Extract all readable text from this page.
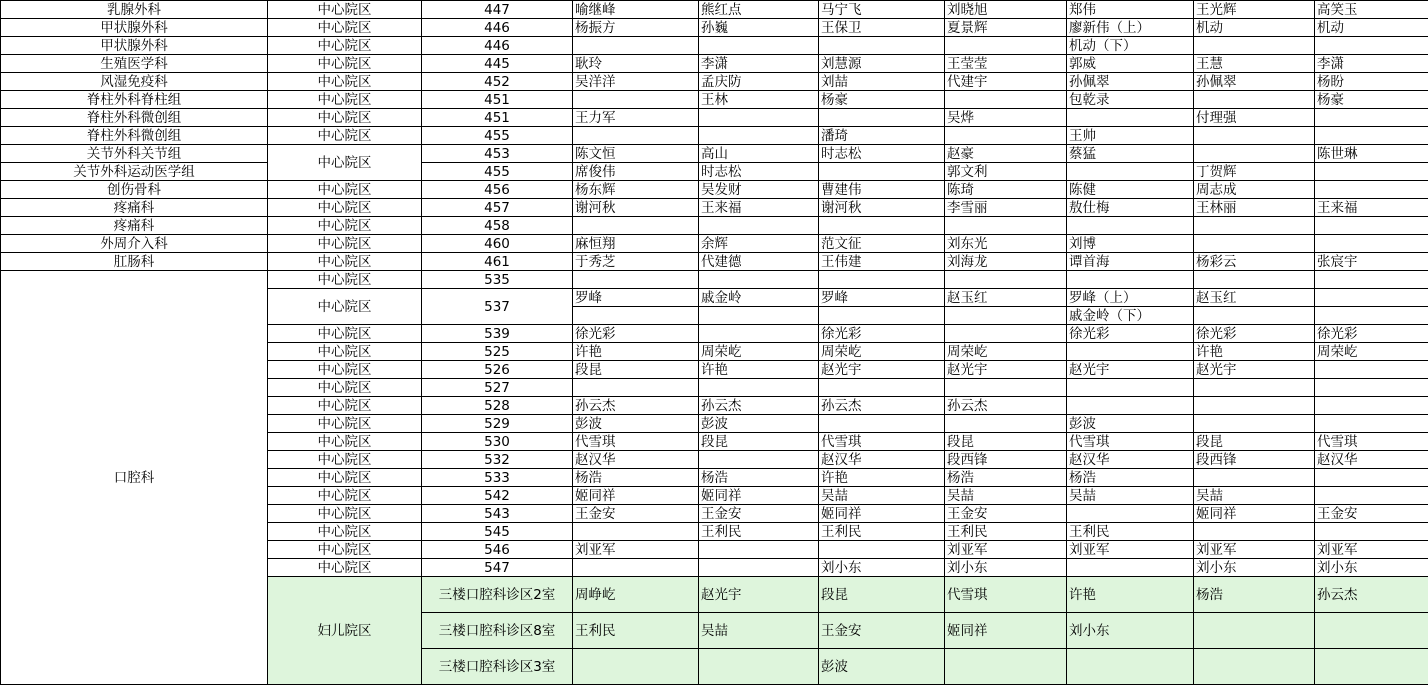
乳腺外科	中心院区	447	喻继峰	熊红点	马宁飞	刘晓旭	郑伟	王光辉	高笑玉
甲状腺外科	中心院区	446	杨振方	孙巍	王保卫	夏景辉	廖新伟（上）	机动	机动
甲状腺外科	中心院区	446					机动（下）		
生殖医学科	中心院区	445	耿玲	李潇	刘慧源	王莹莹	郭威	王慧	李潇
风湿免疫科	中心院区	452	吴洋洋	孟庆防	刘喆	代建宇	孙佩翠	孙佩翠	杨盼
脊柱外科脊柱组	中心院区	451		王林	杨豪		包乾录		杨豪
脊柱外科微创组	中心院区	451	王力军			吴烨		付理强	
脊柱外科微创组	中心院区	455			潘琦		王帅		
关节外科关节组	中心院区	453	陈文恒	高山	时志松	赵豪	蔡猛		陈世琳
关节外科运动医学组		455	席俊伟	时志松		郭文利		丁贺辉	
创伤骨科	中心院区	456	杨东辉	吴发财	曹建伟	陈琦	陈健	周志成	
疼痛科	中心院区	457	谢河秋	王来福	谢河秋	李雪丽	敖仕梅	王林丽	王来福
疼痛科	中心院区	458							
外周介入科	中心院区	460	麻恒翔	余辉	范文征	刘东光	刘博		
肛肠科	中心院区	461	于秀芝	代建德	王伟建	刘海龙	谭首海	杨彩云	张宸宇
口腔科	中心院区	535							
	中心院区	537	罗峰	戚金岭	罗峰	赵玉红	罗峰（上）	赵玉红	
							戚金岭（下）		
	中心院区	539	徐光彩		徐光彩		徐光彩	徐光彩	徐光彩
	中心院区	525	许艳	周荣屹	周荣屹	周荣屹		许艳	周荣屹
	中心院区	526	段昆	许艳	赵光宇	赵光宇	赵光宇	赵光宇	
	中心院区	527							
	中心院区	528	孙云杰	孙云杰	孙云杰	孙云杰			
	中心院区	529	彭波	彭波			彭波		
	中心院区	530	代雪琪	段昆	代雪琪	段昆	代雪琪	段昆	代雪琪
	中心院区	532	赵汉华		赵汉华	段西锋	赵汉华	段西锋	赵汉华
	中心院区	533	杨浩	杨浩	许艳	杨浩	杨浩		
	中心院区	542	姬同祥	姬同祥	吴喆	吴喆	吴喆	吴喆	
	中心院区	543	王金安	王金安	姬同祥	王金安		姬同祥	王金安
	中心院区	545		王利民	王利民	王利民	王利民		
	中心院区	546	刘亚军			刘亚军	刘亚军	刘亚军	刘亚军
	中心院区	547			刘小东	刘小东		刘小东	刘小东
	妇儿院区	三楼口腔科诊区2室	周峥屹	赵光宇	段昆	代雪琪	许艳	杨浩	孙云杰
		三楼口腔科诊区8室	王利民	吴喆	王金安	姬同祥	刘小东		
		三楼口腔科诊区3室			彭波				
